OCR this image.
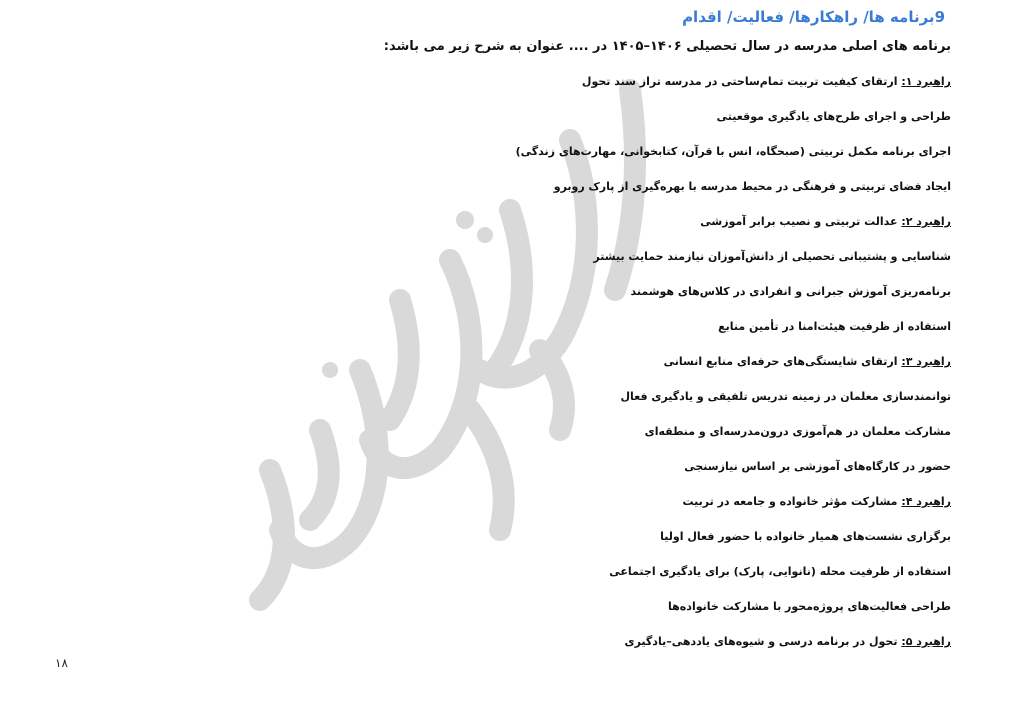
9برنامه ها/ راهکارها/ فعالیت/ اقدام
برنامه های اصلی مدرسه در سال تحصیلی ۱۴۰۶–۱۴۰۵ در .... عنوان به شرح زیر می باشد:
راهبرد ۱: ارتقای کیفیت تربیت تمام‌ساحتی در مدرسه تراز سند تحول
طراحی و اجرای طرح‌های یادگیری موقعیتی
اجرای برنامه مکمل تربیتی (صبحگاه، انس با قرآن، کتابخوانی، مهارت‌های زندگی)
ایجاد فضای تربیتی و فرهنگی در محیط مدرسه با بهره‌گیری از پارک روبرو
راهبرد ۲: عدالت تربیتی و نصیب برابر آموزشی
شناسایی و پشتیبانی تحصیلی از دانش‌آموزان نیازمند حمایت بیشتر
برنامه‌ریزی آموزش جبرانی و انفرادی در کلاس‌های هوشمند
استفاده از ظرفیت هیئت‌امنا در تأمین منابع
راهبرد ۳: ارتقای شایستگی‌های حرفه‌ای منابع انسانی
توانمندسازی معلمان در زمینه تدریس تلفیقی و یادگیری فعال
مشارکت معلمان در هم‌آموزی درون‌مدرسه‌ای و منطقه‌ای
حضور در کارگاه‌های آموزشی بر اساس نیازسنجی
راهبرد ۴: مشارکت مؤثر خانواده و جامعه در تربیت
برگزاری نشست‌های همیار خانواده با حضور فعال اولیا
استفاده از ظرفیت محله (نانوایی، پارک) برای یادگیری اجتماعی
طراحی فعالیت‌های پروژه‌محور با مشارکت خانواده‌ها
راهبرد ۵: تحول در برنامه درسی و شیوه‌های یاددهی–یادگیری
۱۸
